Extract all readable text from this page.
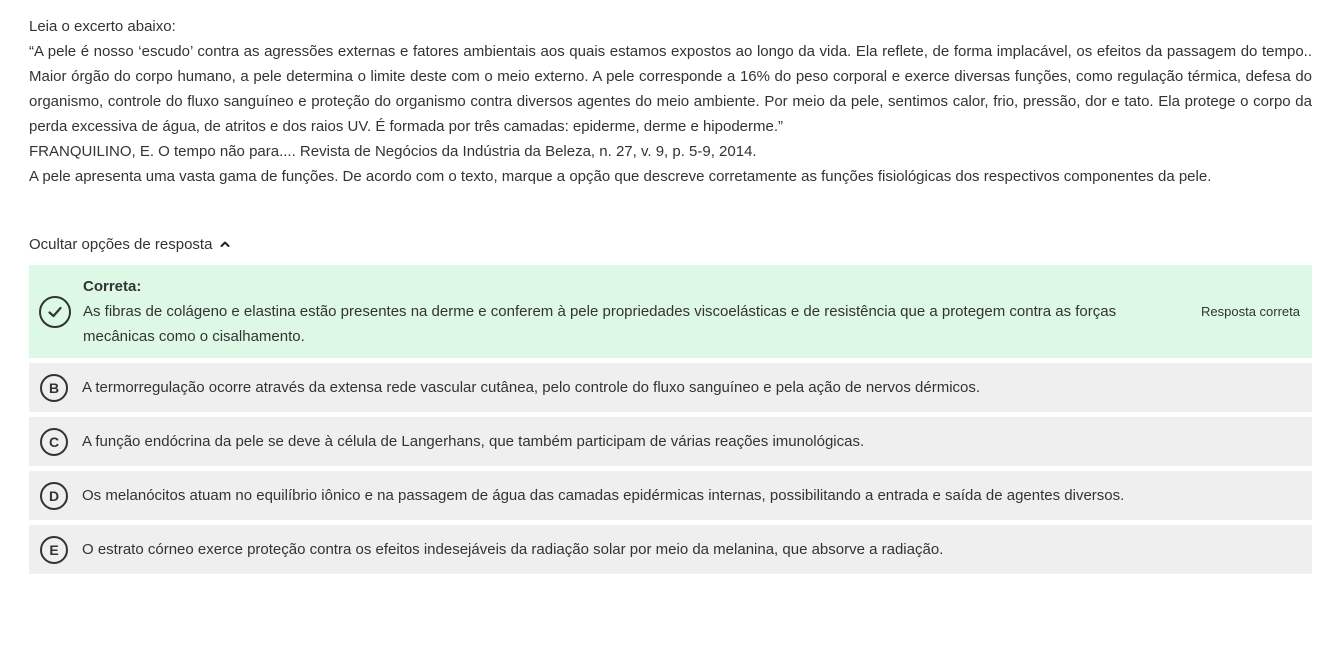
Leia o excerto abaixo:

“A pele é nosso ‘escudo’ contra as agressões externas e fatores ambientais aos quais estamos expostos ao longo da vida. Ela reflete, de forma implacável, os efeitos da passagem do tempo.. Maior órgão do corpo humano, a pele determina o limite deste com o meio externo. A pele corresponde a 16% do peso corporal e exerce diversas funções, como regulação térmica, defesa do organismo, controle do fluxo sanguíneo e proteção do organismo contra diversos agentes do meio ambiente. Por meio da pele, sentimos calor, frio, pressão, dor e tato. Ela protege o corpo da perda excessiva de água, de atritos e dos raios UV. É formada por três camadas: epiderme, derme e hipoderme.”

FRANQUILINO, E. O tempo não para.... Revista de Negócios da Indústria da Beleza, n. 27, v. 9, p. 5-9, 2014.

A pele apresenta uma vasta gama de funções. De acordo com o texto, marque a opção que descreve corretamente as funções fisiológicas dos respectivos componentes da pele.

Ocultar opções de resposta
Correta:
As fibras de colágeno e elastina estão presentes na derme e conferem à pele propriedades viscoelásticas e de resistência que a protegem contra as forças mecânicas como o cisalhamento.
Resposta correta
B	A termorregulação ocorre através da extensa rede vascular cutânea, pelo controle do fluxo sanguíneo e pela ação de nervos dérmicos.
C	A função endócrina da pele se deve à célula de Langerhans, que também participam de várias reações imunológicas.
D	Os melanócitos atuam no equilíbrio iônico e na passagem de água das camadas epidérmicas internas, possibilitando a entrada e saída de agentes diversos.
E	O estrato córneo exerce proteção contra os efeitos indesejáveis da radiação solar por meio da melanina, que absorve a radiação.
